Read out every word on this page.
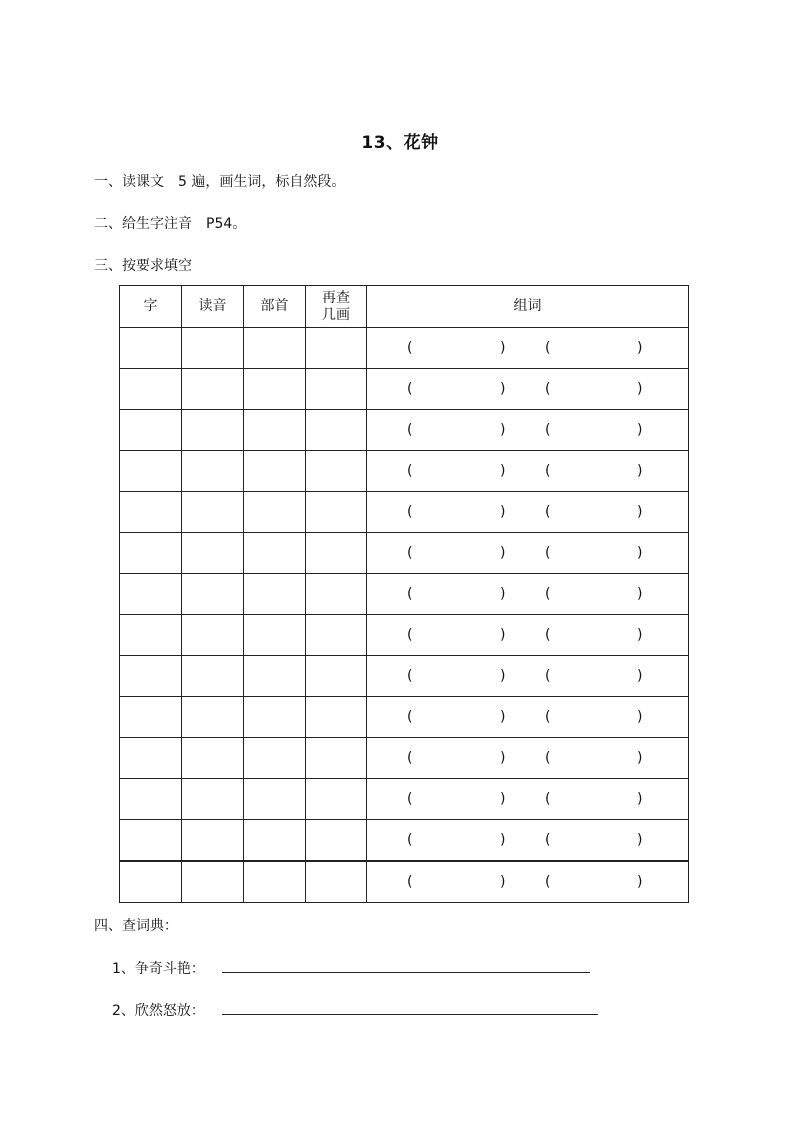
13、花钟
一、读课文　5 遍，画生词，标自然段。
二、给生字注音　P54。
三、按要求填空
字	读音	部首	再查
几画	组词

				( ) ( )

				( ) ( )

				( ) ( )

				( ) ( )

				( ) ( )

				( ) ( )

				( ) ( )

				( ) ( )

				( ) ( )

				( ) ( )

				( ) ( )

				( ) ( )

				( ) ( )

				( ) ( )
四、查词典：
1、争奇斗艳：
2、欣然怒放：
